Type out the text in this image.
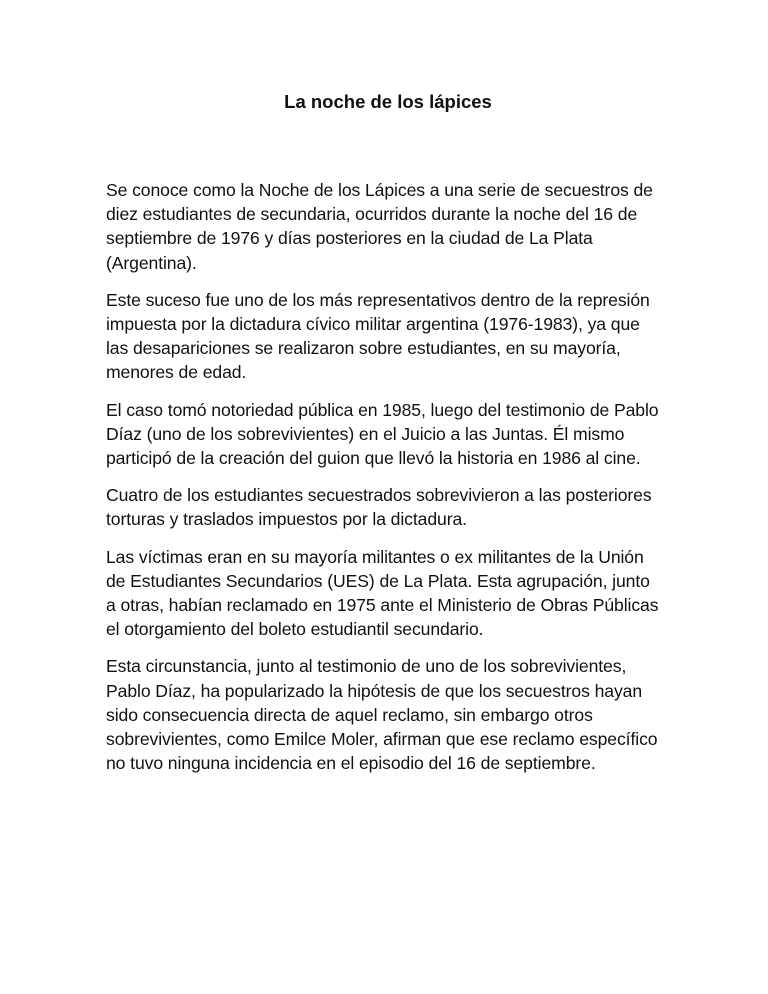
La noche de los lápices

Se conoce como la Noche de los Lápices a una serie de secuestros de diez estudiantes de secundaria, ocurridos durante la noche del 16 de septiembre de 1976 y días posteriores en la ciudad de La Plata (Argentina).

Este suceso fue uno de los más representativos dentro de la represión impuesta por la dictadura cívico militar argentina (1976-1983), ya que las desapariciones se realizaron sobre estudiantes, en su mayoría, menores de edad.

El caso tomó notoriedad pública en 1985, luego del testimonio de Pablo Díaz (uno de los sobrevivientes) en el Juicio a las Juntas. Él mismo participó de la creación del guion que llevó la historia en 1986 al cine.

Cuatro de los estudiantes secuestrados sobrevivieron a las posteriores torturas y traslados impuestos por la dictadura.

Las víctimas eran en su mayoría militantes o ex militantes de la Unión de Estudiantes Secundarios (UES) de La Plata. Esta agrupación, junto a otras, habían reclamado en 1975 ante el Ministerio de Obras Públicas el otorgamiento del boleto estudiantil secundario.

Esta circunstancia, junto al testimonio de uno de los sobrevivientes, Pablo Díaz, ha popularizado la hipótesis de que los secuestros hayan sido consecuencia directa de aquel reclamo, sin embargo otros sobrevivientes, como Emilce Moler, afirman que ese reclamo específico no tuvo ninguna incidencia en el episodio del 16 de septiembre.
